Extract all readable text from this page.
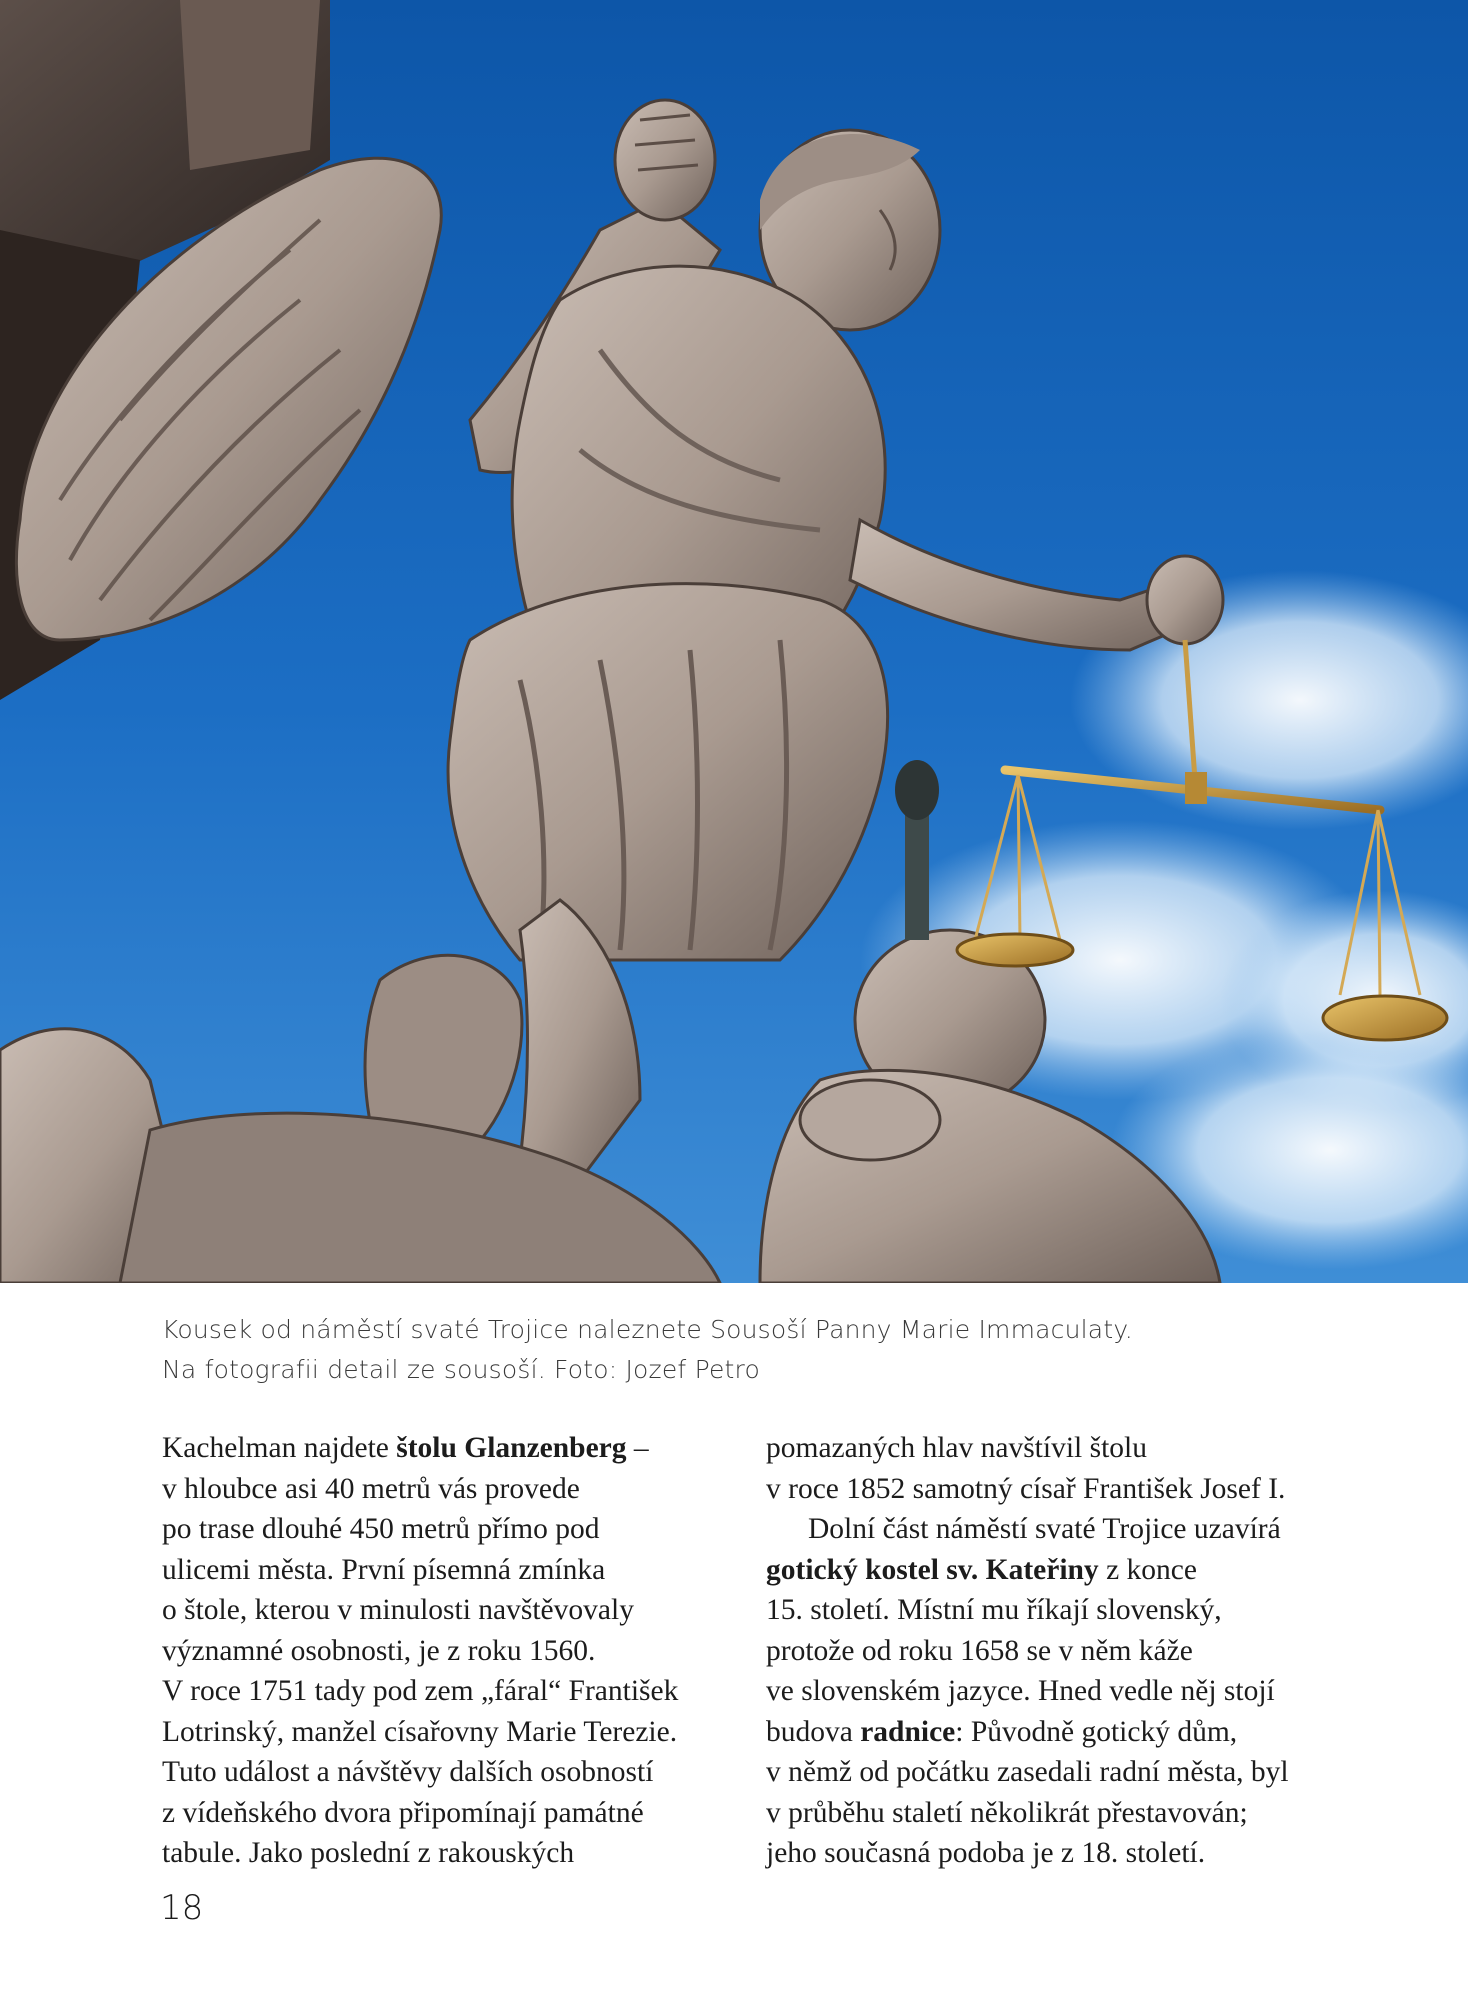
Kousek od náměstí svaté Trojice naleznete Sousoší Panny Marie Immaculaty.
Na fotografii detail ze sousoší. Foto: Jozef Petro
Kachelman najdete štolu Glanzenberg –
v hloubce asi 40 metrů vás provede
po trase dlouhé 450 metrů přímo pod
ulicemi města. První písemná zmínka
o štole, kterou v minulosti navštěvovaly
významné osobnosti, je z roku 1560.
V roce 1751 tady pod zem „fáral“ František
Lotrinský, manžel císařovny Marie Terezie.
Tuto událost a návštěvy dalších osobností
z vídeňského dvora připomínají památné
tabule. Jako poslední z rakouských
pomazaných hlav navštívil štolu
v roce 1852 samotný císař František Josef I.
Dolní část náměstí svaté Trojice uzavírá
gotický kostel sv. Kateřiny z konce
15. století. Místní mu říkají slovenský,
protože od roku 1658 se v něm káže
ve slovenském jazyce. Hned vedle něj stojí
budova radnice: Původně gotický dům,
v němž od počátku zasedali radní města, byl
v průběhu staletí několikrát přestavován;
jeho současná podoba je z 18. století.
18
